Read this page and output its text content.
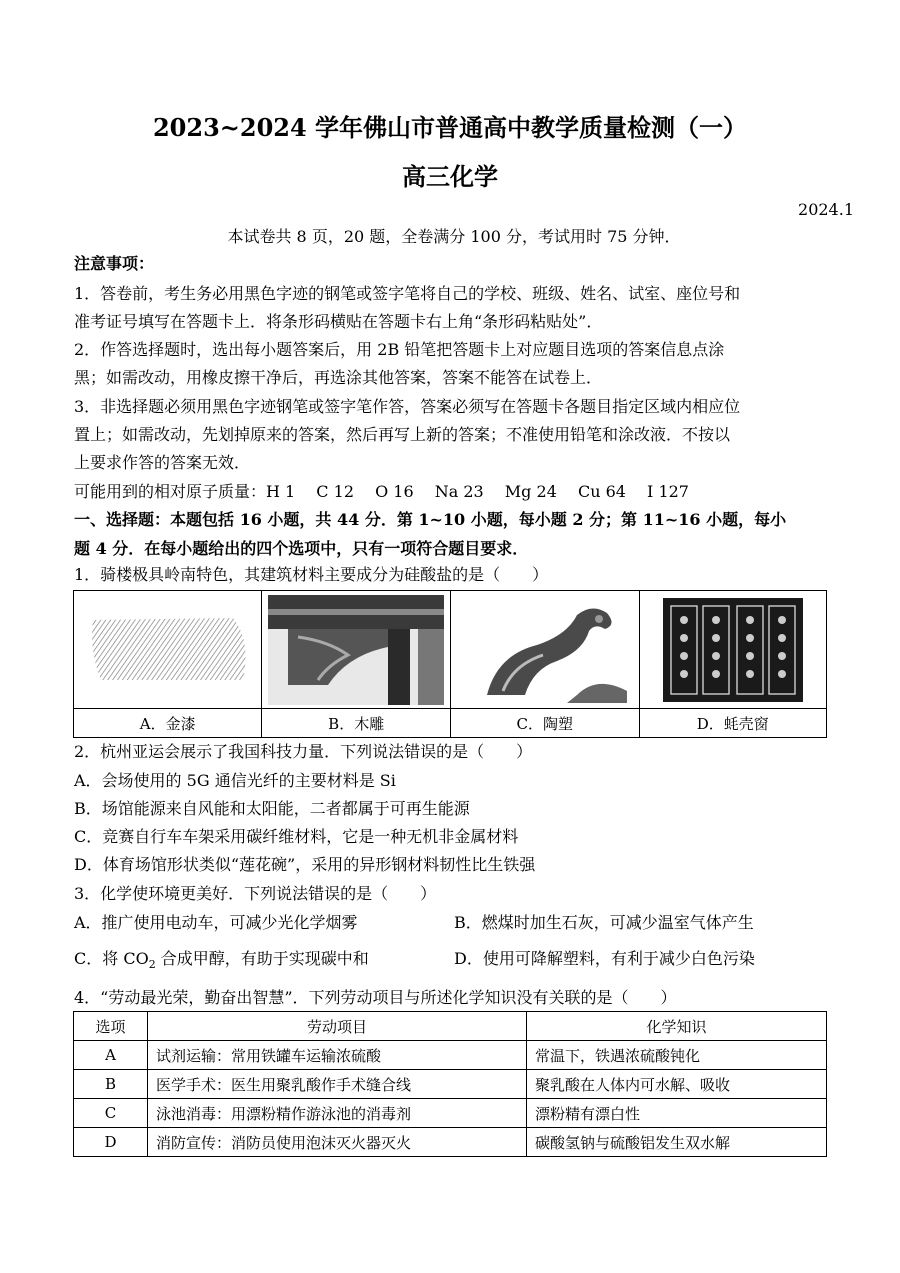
2023~2024 学年佛山市普通高中教学质量检测（一）
高三化学
2024.1
本试卷共 8 页，20 题，全卷满分 100 分，考试用时 75 分钟．
注意事项：
1．答卷前，考生务必用黑色字迹的钢笔或签字笔将自己的学校、班级、姓名、试室、座位号和
准考证号填写在答题卡上．将条形码横贴在答题卡右上角“条形码粘贴处”．
2．作答选择题时，选出每小题答案后，用 2B 铅笔把答题卡上对应题目选项的答案信息点涂
黑；如需改动，用橡皮擦干净后，再选涂其他答案，答案不能答在试卷上．
3．非选择题必须用黑色字迹钢笔或签字笔作答，答案必须写在答题卡各题目指定区域内相应位
置上；如需改动，先划掉原来的答案，然后再写上新的答案；不准使用铅笔和涂改液．不按以
上要求作答的答案无效．
可能用到的相对原子质量：H 1　 C 12　 O 16　 Na 23　 Mg 24　 Cu 64　 I 127
一、选择题：本题包括 16 小题，共 44 分．第 1~10 小题，每小题 2 分；第 11~16 小题，每小
题 4 分．在每小题给出的四个选项中，只有一项符合题目要求．
1．骑楼极具岭南特色，其建筑材料主要成分为硅酸盐的是（　　）

A．金漆	B．木雕	C．陶塑	D．蚝壳窗
2．杭州亚运会展示了我国科技力量．下列说法错误的是（　　）
A．会场使用的 5G 通信光纤的主要材料是 Si
B．场馆能源来自风能和太阳能，二者都属于可再生能源
C．竞赛自行车车架采用碳纤维材料，它是一种无机非金属材料
D．体育场馆形状类似“莲花碗”，采用的异形钢材料韧性比生铁强
3．化学使环境更美好．下列说法错误的是（　　）
A．推广使用电动车，可减少光化学烟雾	B．燃煤时加生石灰，可减少温室气体产生
C．将 $CO_2$ 合成甲醇，有助于实现碳中和	D．使用可降解塑料，有利于减少白色污染
4．“劳动最光荣，勤奋出智慧”．下列劳动项目与所述化学知识没有关联的是（　　）
选项	劳动项目	化学知识
A	试剂运输：常用铁罐车运输浓硫酸	常温下，铁遇浓硫酸钝化
B	医学手术：医生用聚乳酸作手术缝合线	聚乳酸在人体内可水解、吸收
C	泳池消毒：用漂粉精作游泳池的消毒剂	漂粉精有漂白性
D	消防宣传：消防员使用泡沫灭火器灭火	碳酸氢钠与硫酸铝发生双水解
